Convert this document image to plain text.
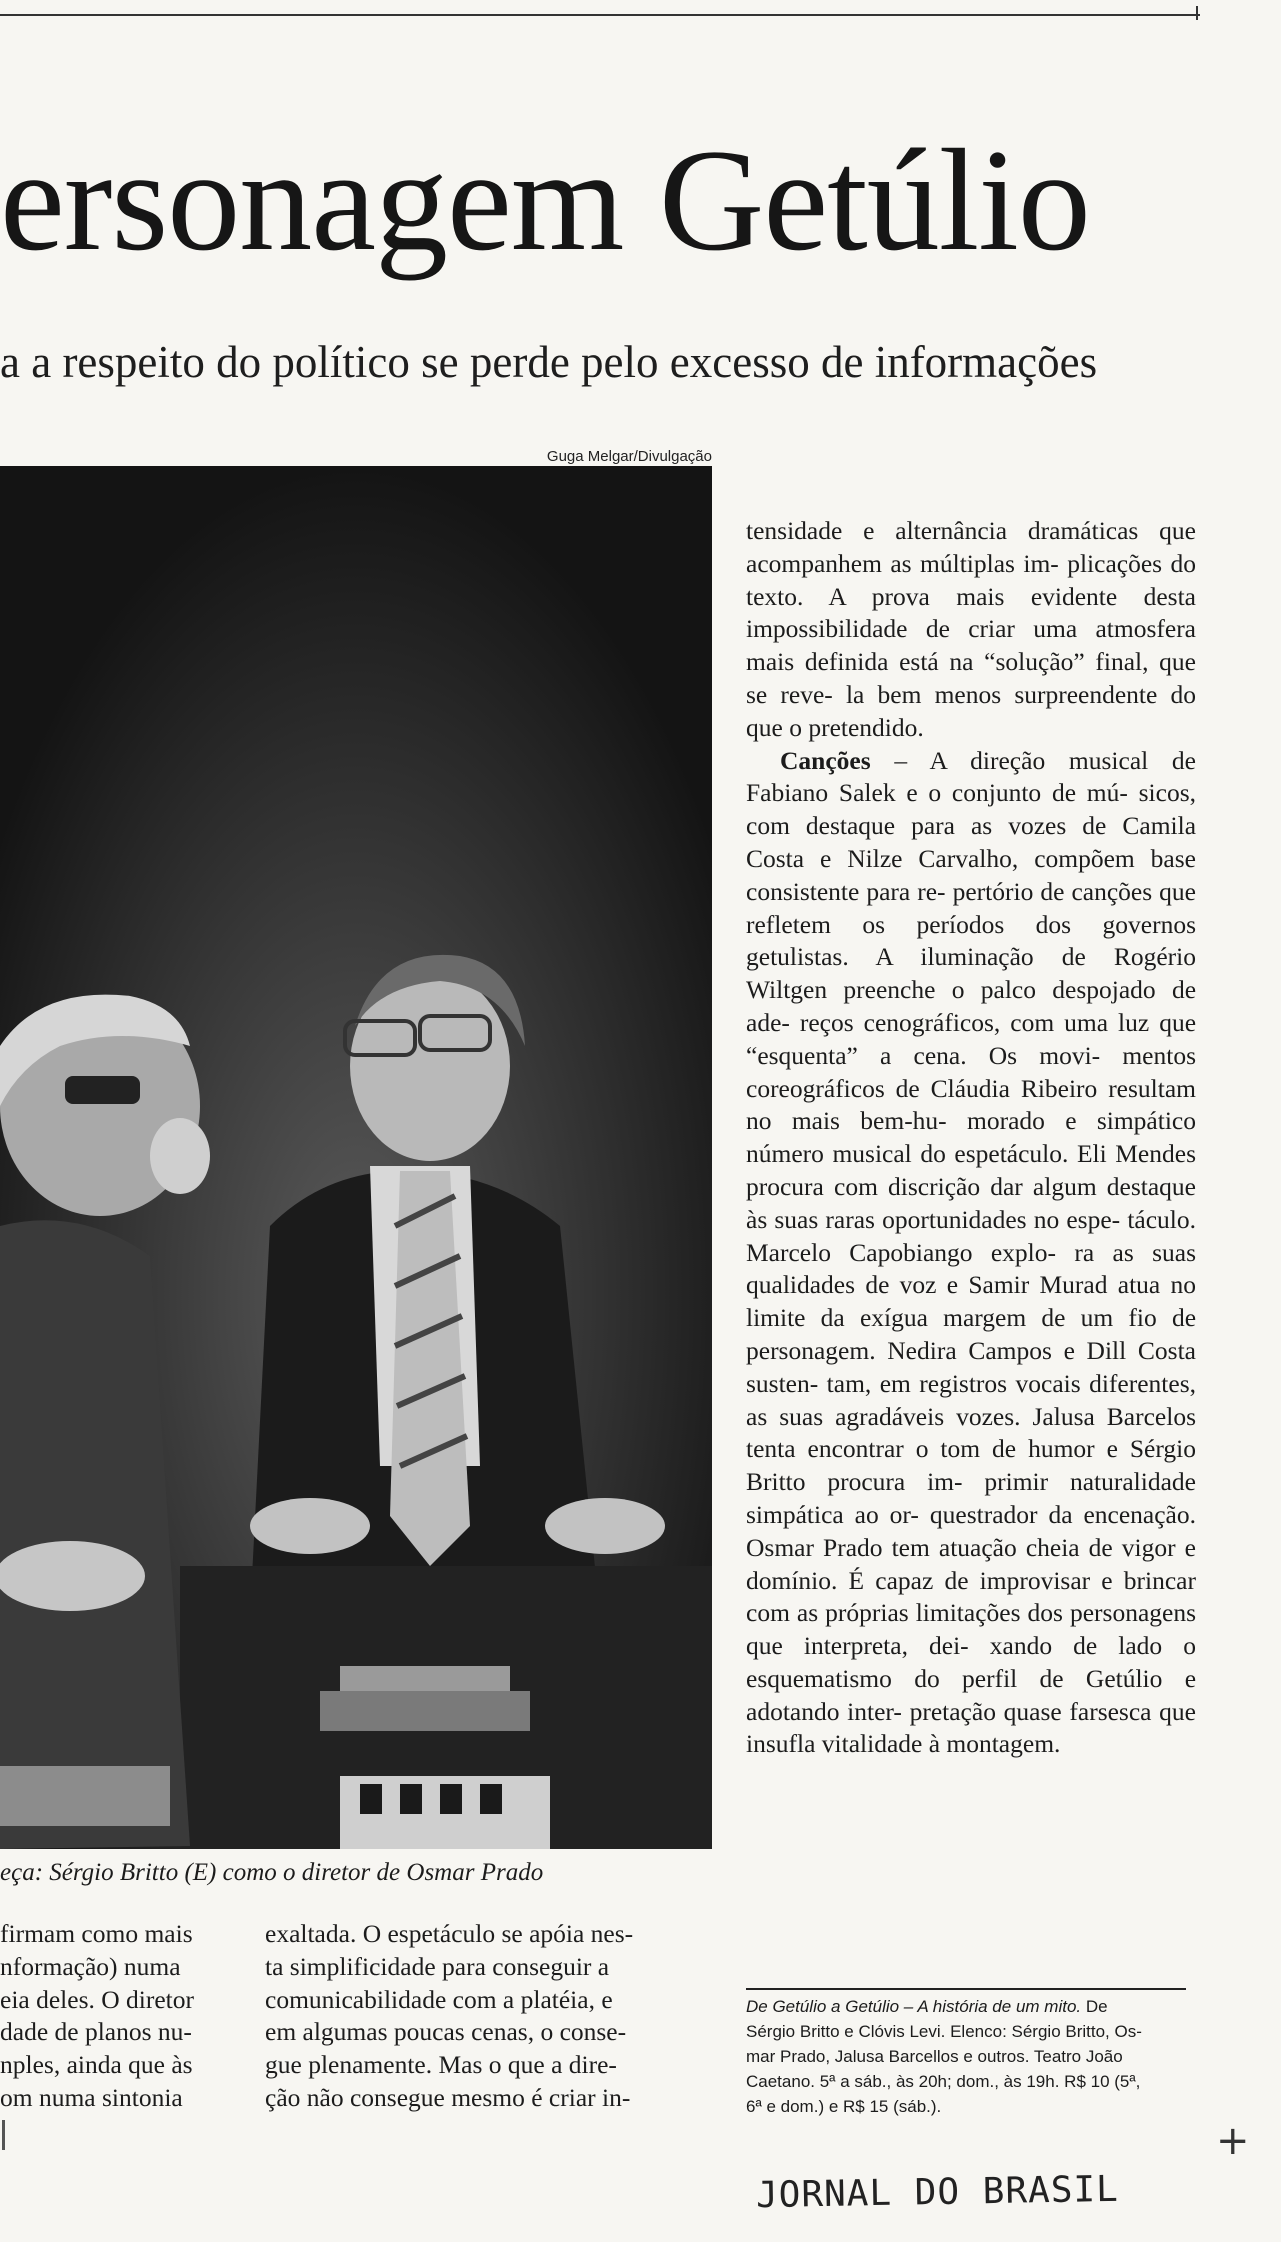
ersonagem Getúlio
a a respeito do político se perde pelo excesso de informações
Guga Melgar/Divulgação
eça: Sérgio Britto (E) como o diretor de Osmar Prado

tensidade e alternância dramáticas que acompanhem as múltiplas im- plicações do texto. A prova mais evidente desta impossibilidade de criar uma atmosfera mais definida está na “solução” final, que se reve- la bem menos surpreendente do que o pretendido.

Canções – A direção musical de Fabiano Salek e o conjunto de mú- sicos, com destaque para as vozes de Camila Costa e Nilze Carvalho, compõem base consistente para re- pertório de canções que refletem os períodos dos governos getulistas. A iluminação de Rogério Wiltgen preenche o palco despojado de ade- reços cenográficos, com uma luz que “esquenta” a cena. Os movi- mentos coreográficos de Cláudia Ribeiro resultam no mais bem-hu- morado e simpático número musical do espetáculo. Eli Mendes procura com discrição dar algum destaque às suas raras oportunidades no espe- táculo. Marcelo Capobiango explo- ra as suas qualidades de voz e Samir Murad atua no limite da exígua margem de um fio de personagem. Nedira Campos e Dill Costa susten- tam, em registros vocais diferentes, as suas agradáveis vozes. Jalusa Barcelos tenta encontrar o tom de humor e Sérgio Britto procura im- primir naturalidade simpática ao or- questrador da encenação. Osmar Prado tem atuação cheia de vigor e domínio. É capaz de improvisar e brincar com as próprias limitações dos personagens que interpreta, dei- xando de lado o esquematismo do perfil de Getúlio e adotando inter- pretação quase farsesca que insufla vitalidade à montagem.

firmam como mais
nformação) numa
eia deles. O diretor
dade de planos nu-
nples, ainda que às
om numa sintonia
exaltada. O espetáculo se apóia nes-
ta simplificidade para conseguir a
comunicabilidade com a platéia, e
em algumas poucas cenas, o conse-
gue plenamente. Mas o que a dire-
ção não consegue mesmo é criar in-
De Getúlio a Getúlio – A história de um mito. De
Sérgio Britto e Clóvis Levi. Elenco: Sérgio Britto, Os-
mar Prado, Jalusa Barcellos e outros. Teatro João
Caetano. 5ª a sáb., às 20h; dom., às 19h. R$ 10 (5ª,
6ª e dom.) e R$ 15 (sáb.).
+
JORNAL DO BRASIL
